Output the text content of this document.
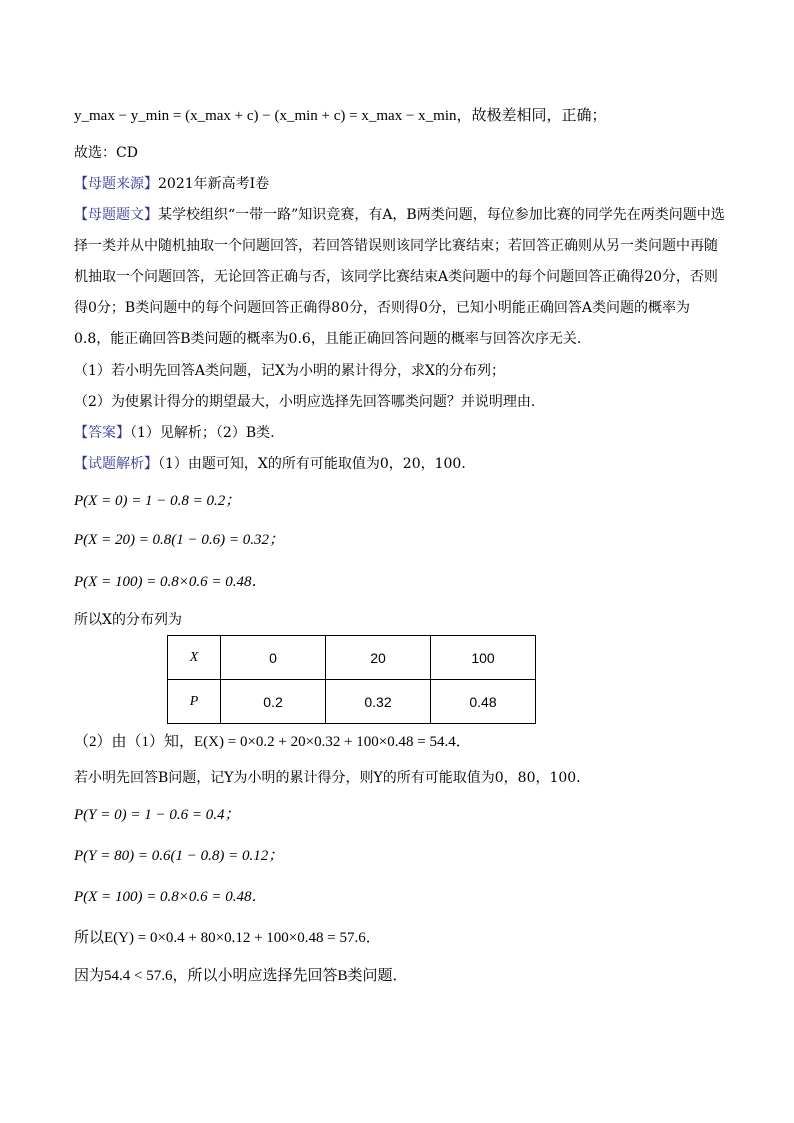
y_max − y_min = (x_max + c) − (x_min + c) = x_max − x_min，故极差相同，正确；
故选：CD
【母题来源】2021年新高考Ⅰ卷
【母题题文】某学校组织“一带一路”知识竞赛，有A，B两类问题，每位参加比赛的同学先在两类问题中选
择一类并从中随机抽取一个问题回答，若回答错误则该同学比赛结束；若回答正确则从另一类问题中再随
机抽取一个问题回答，无论回答正确与否，该同学比赛结束A类问题中的每个问题回答正确得20分，否则
得0分；B类问题中的每个问题回答正确得80分，否则得0分，已知小明能正确回答A类问题的概率为
0.8，能正确回答B类问题的概率为0.6，且能正确回答问题的概率与回答次序无关.
（1）若小明先回答A类问题，记X为小明的累计得分，求X的分布列；
（2）为使累计得分的期望最大，小明应选择先回答哪类问题？并说明理由.
【答案】（1）见解析；（2）B类.
【试题解析】（1）由题可知，X的所有可能取值为0，20，100．
P(X = 0) = 1 − 0.8 = 0.2；
P(X = 20) = 0.8(1 − 0.6) = 0.32；
P(X = 100) = 0.8×0.6 = 0.48．
所以X的分布列为
X	0	20	100
P	0.2	0.32	0.48
（2）由（1）知，E(X) = 0×0.2 + 20×0.32 + 100×0.48 = 54.4．
若小明先回答B问题，记Y为小明的累计得分，则Y的所有可能取值为0，80，100．
P(Y = 0) = 1 − 0.6 = 0.4；
P(Y = 80) = 0.6(1 − 0.8) = 0.12；
P(X = 100) = 0.8×0.6 = 0.48．
所以E(Y) = 0×0.4 + 80×0.12 + 100×0.48 = 57.6．
因为54.4 < 57.6，所以小明应选择先回答B类问题．
